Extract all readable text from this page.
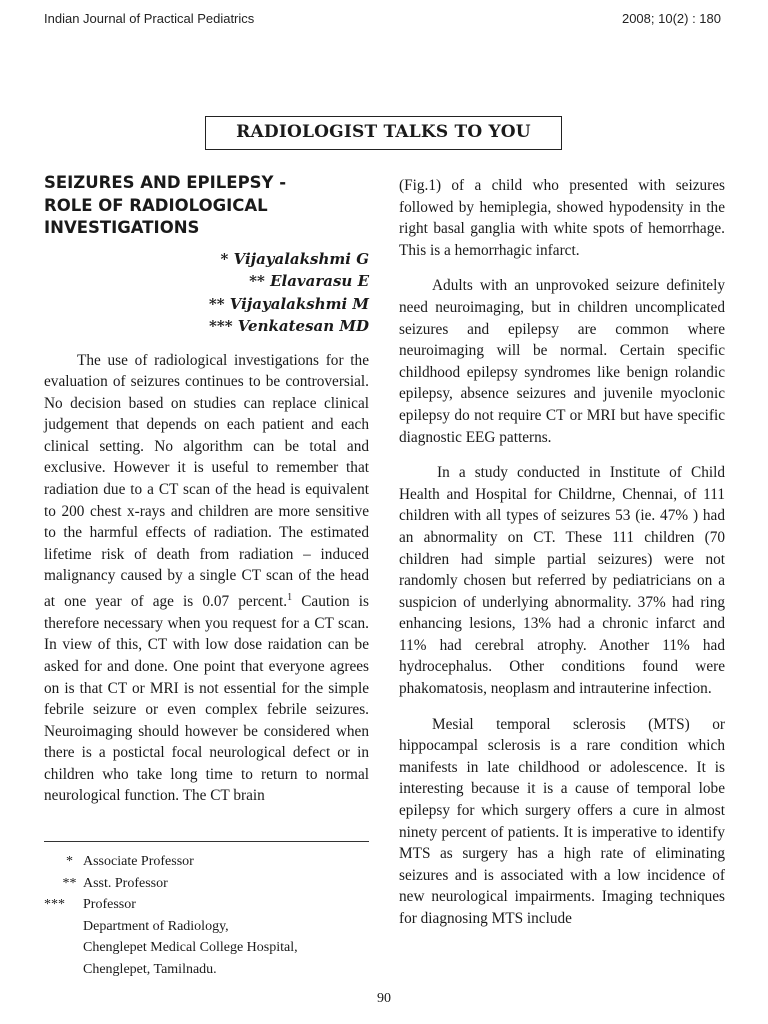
Indian Journal of Practical Pediatrics	2008; 10(2) : 180
RADIOLOGIST TALKS TO YOU
SEIZURES AND EPILEPSY -
ROLE OF RADIOLOGICAL
INVESTIGATIONS
* Vijayalakshmi G
** Elavarasu E
** Vijayalakshmi M
*** Venkatesan MD

The use of radiological investigations for the evaluation of seizures continues to be controversial. No decision based on studies can replace clinical judgement that depends on each patient and each clinical setting. No algorithm can be total and exclusive. However it is useful to remember that radiation due to a CT scan of the head is equivalent to 200 chest x-rays and children are more sensitive to the harmful effects of radiation. The estimated lifetime risk of death from radiation – induced malignancy caused by a single CT scan of the head at one year of age is 0.07 percent.$^1$ Caution is therefore necessary when you request for a CT scan. In view of this, CT with low dose raidation can be asked for and done. One point that everyone agrees on is that CT or MRI is not essential for the simple febrile seizure or even complex febrile seizures. Neuroimaging should however be considered when there is a postictal focal neurological defect or in children who take long time to return to normal neurological function. The CT brain

(Fig.1) of a child who presented with seizures followed by hemiplegia, showed hypodensity in the right basal ganglia with white spots of hemorrhage. This is a hemorrhagic infarct.

Adults with an unprovoked seizure definitely need neuroimaging, but in children uncomplicated seizures and epilepsy are common where neuroimaging will be normal. Certain specific childhood epilepsy syndromes like benign rolandic epilepsy, absence seizures and juvenile myoclonic epilepsy do not require CT or MRI but have specific diagnostic EEG patterns.

In a study conducted in Institute of Child Health and Hospital for Childrne, Chennai, of 111 children with all types of seizures 53 (ie. 47% ) had an abnormality on CT. These 111 children (70 children had simple partial seizures) were not randomly chosen but referred by pediatricians on a suspicion of underlying abnormality. 37% had ring enhancing lesions, 13% had a chronic infarct and 11% had cerebral atrophy. Another 11% had hydrocephalus. Other conditions found were phakomatosis, neoplasm and intrauterine infection.

Mesial temporal sclerosis (MTS) or hippocampal sclerosis is a rare condition which manifests in late childhood or adolescence. It is interesting because it is a cause of temporal lobe epilepsy for which surgery offers a cure in almost ninety percent of patients. It is imperative to identify MTS as surgery has a high rate of eliminating seizures and is associated with a low incidence of new neurological impairments. Imaging techniques for diagnosing MTS include

* Associate Professor
** Asst. Professor
***	Professor
Department of Radiology,
Chenglepet Medical College Hospital,
Chenglepet, Tamilnadu.
90
